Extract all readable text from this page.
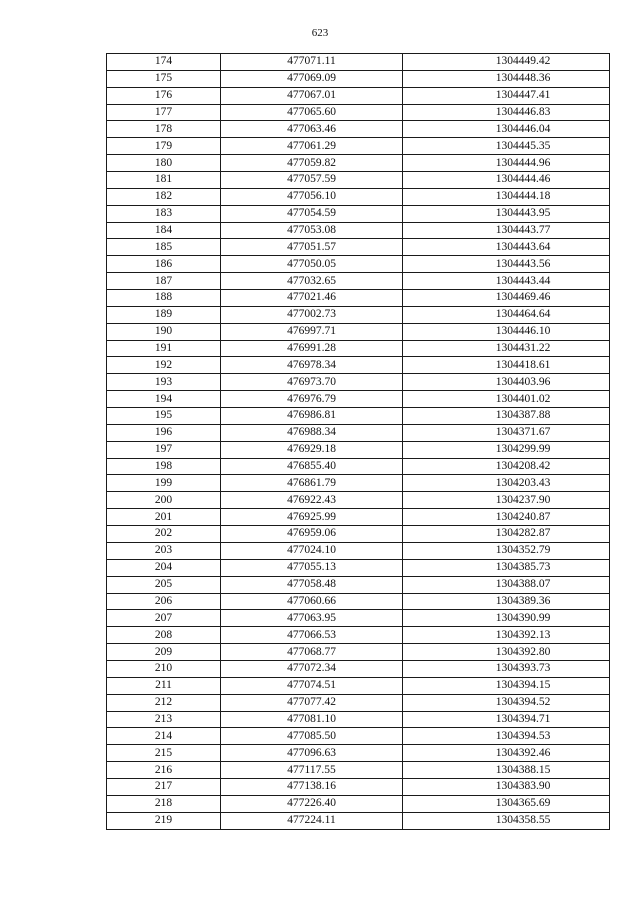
623
174	477071.11	1304449.42
175	477069.09	1304448.36
176	477067.01	1304447.41
177	477065.60	1304446.83
178	477063.46	1304446.04
179	477061.29	1304445.35
180	477059.82	1304444.96
181	477057.59	1304444.46
182	477056.10	1304444.18
183	477054.59	1304443.95
184	477053.08	1304443.77
185	477051.57	1304443.64
186	477050.05	1304443.56
187	477032.65	1304443.44
188	477021.46	1304469.46
189	477002.73	1304464.64
190	476997.71	1304446.10
191	476991.28	1304431.22
192	476978.34	1304418.61
193	476973.70	1304403.96
194	476976.79	1304401.02
195	476986.81	1304387.88
196	476988.34	1304371.67
197	476929.18	1304299.99
198	476855.40	1304208.42
199	476861.79	1304203.43
200	476922.43	1304237.90
201	476925.99	1304240.87
202	476959.06	1304282.87
203	477024.10	1304352.79
204	477055.13	1304385.73
205	477058.48	1304388.07
206	477060.66	1304389.36
207	477063.95	1304390.99
208	477066.53	1304392.13
209	477068.77	1304392.80
210	477072.34	1304393.73
211	477074.51	1304394.15
212	477077.42	1304394.52
213	477081.10	1304394.71
214	477085.50	1304394.53
215	477096.63	1304392.46
216	477117.55	1304388.15
217	477138.16	1304383.90
218	477226.40	1304365.69
219	477224.11	1304358.55
